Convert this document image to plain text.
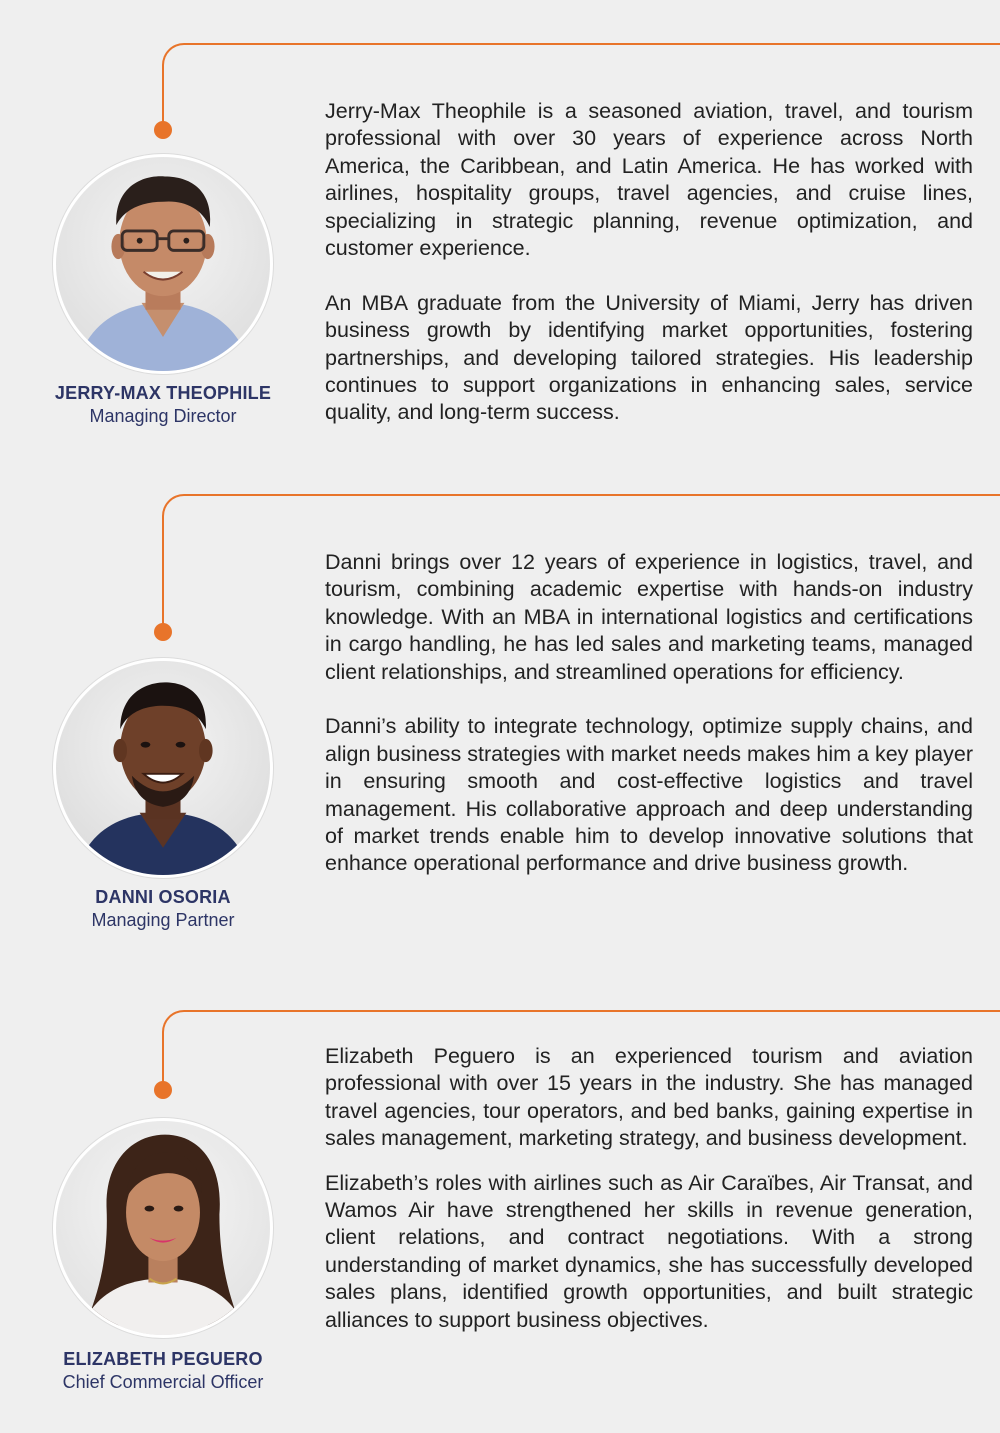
JERRY-MAX THEOPHILE
Managing Director

Jerry-Max Theophile is a seasoned aviation, travel, and tourism professional with over 30 years of experience across North America, the Caribbean, and Latin America. He has worked with airlines, hospitality groups, travel agencies, and cruise lines, specializing in strategic planning, revenue optimization, and customer experience.

An MBA graduate from the University of Miami, Jerry has driven business growth by identifying market opportunities, fostering partnerships, and developing tailored strategies. His leadership continues to support organizations in enhancing sales, service quality, and long-term success.

DANNI OSORIA
Managing Partner

Danni brings over 12 years of experience in logistics, travel, and tourism, combining academic expertise with hands-on industry knowledge. With an MBA in international logistics and certifications in cargo handling, he has led sales and marketing teams, managed client relationships, and streamlined operations for efficiency.

Danni’s ability to integrate technology, optimize supply chains, and align business strategies with market needs makes him a key player in ensuring smooth and cost-effective logistics and travel management. His collaborative approach and deep understanding of market trends enable him to develop innovative solutions that enhance operational performance and drive business growth.

ELIZABETH PEGUERO
Chief Commercial Officer

Elizabeth Peguero is an experienced tourism and aviation professional with over 15 years in the industry. She has managed travel agencies, tour operators, and bed banks, gaining expertise in sales management, marketing strategy, and business development.

Elizabeth’s roles with airlines such as Air Caraïbes, Air Transat, and Wamos Air have strengthened her skills in revenue generation, client relations, and contract negotiations. With a strong understanding of market dynamics, she has successfully developed sales plans, identified growth opportunities, and built strategic alliances to support business objectives.
